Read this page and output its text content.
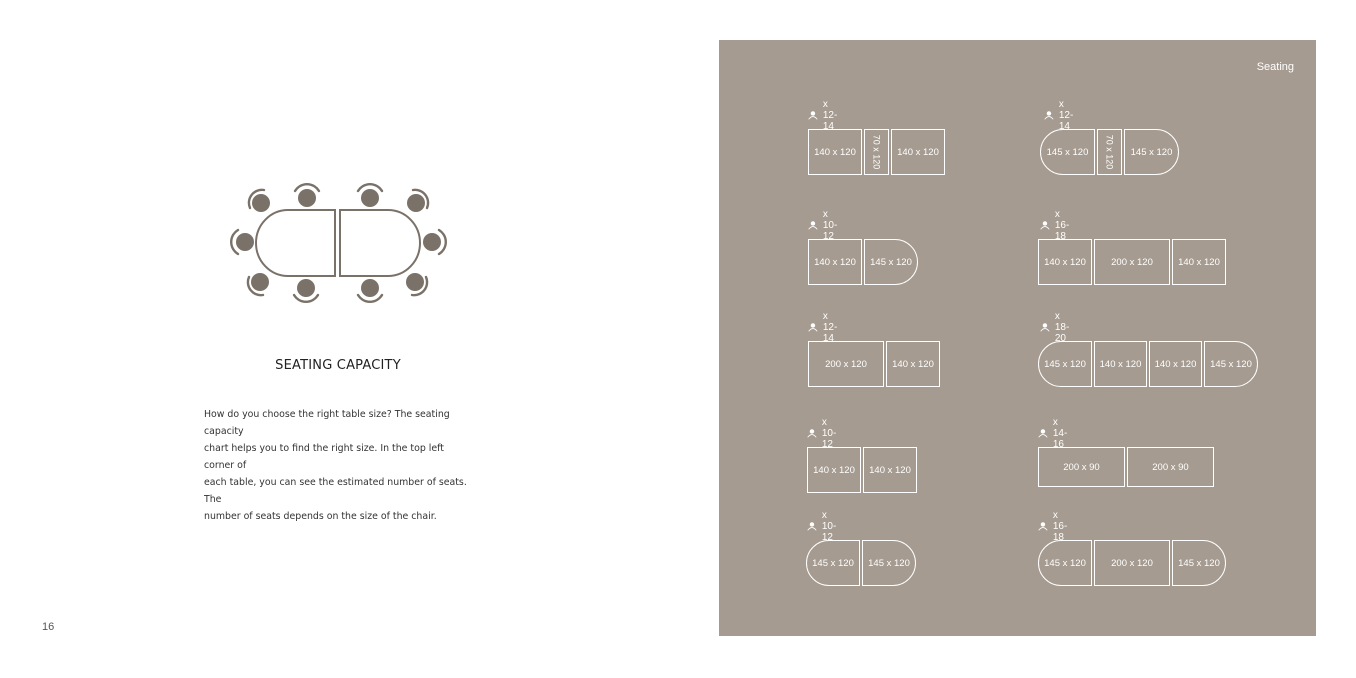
SEATING CAPACITY
How do you choose the right table size? The seating capacity
chart helps you to find the right size. In the top left corner of
each table, you can see the estimated number of seats. The
number of seats depends on the size of the chair.
16
Seating
x 12-14
140 x 120	70 x 120	140 x 120
x 12-14
145 x 120	70 x 120	145 x 120
x 10-12
140 x 120	145 x 120
x 16-18
140 x 120	200 x 120	140 x 120
x 12-14
200 x 120	140 x 120
x 18-20
145 x 120	140 x 120	140 x 120	145 x 120
x 10-12
140 x 120	140 x 120
x 14-16
200 x 90	200 x 90
x 10-12
145 x 120	145 x 120
x 16-18
145 x 120	200 x 120	145 x 120
